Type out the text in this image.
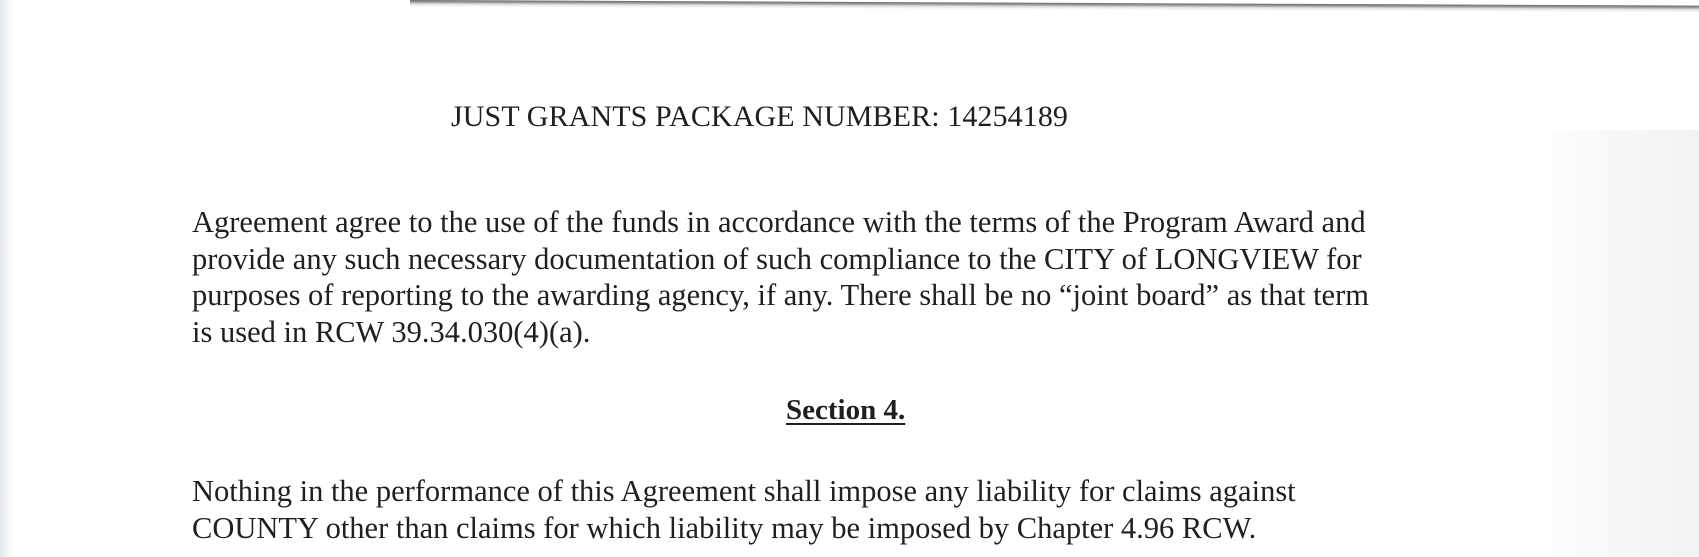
JUST GRANTS PACKAGE NUMBER: 14254189
Agreement agree to the use of the funds in accordance with the terms of the Program Award and
provide any such necessary documentation of such compliance to the CITY of LONGVIEW for
purposes of reporting to the awarding agency, if any. There shall be no “joint board” as that term
is used in RCW 39.34.030(4)(a).
Section 4.
Nothing in the performance of this Agreement shall impose any liability for claims against
COUNTY other than claims for which liability may be imposed by Chapter 4.96 RCW.
